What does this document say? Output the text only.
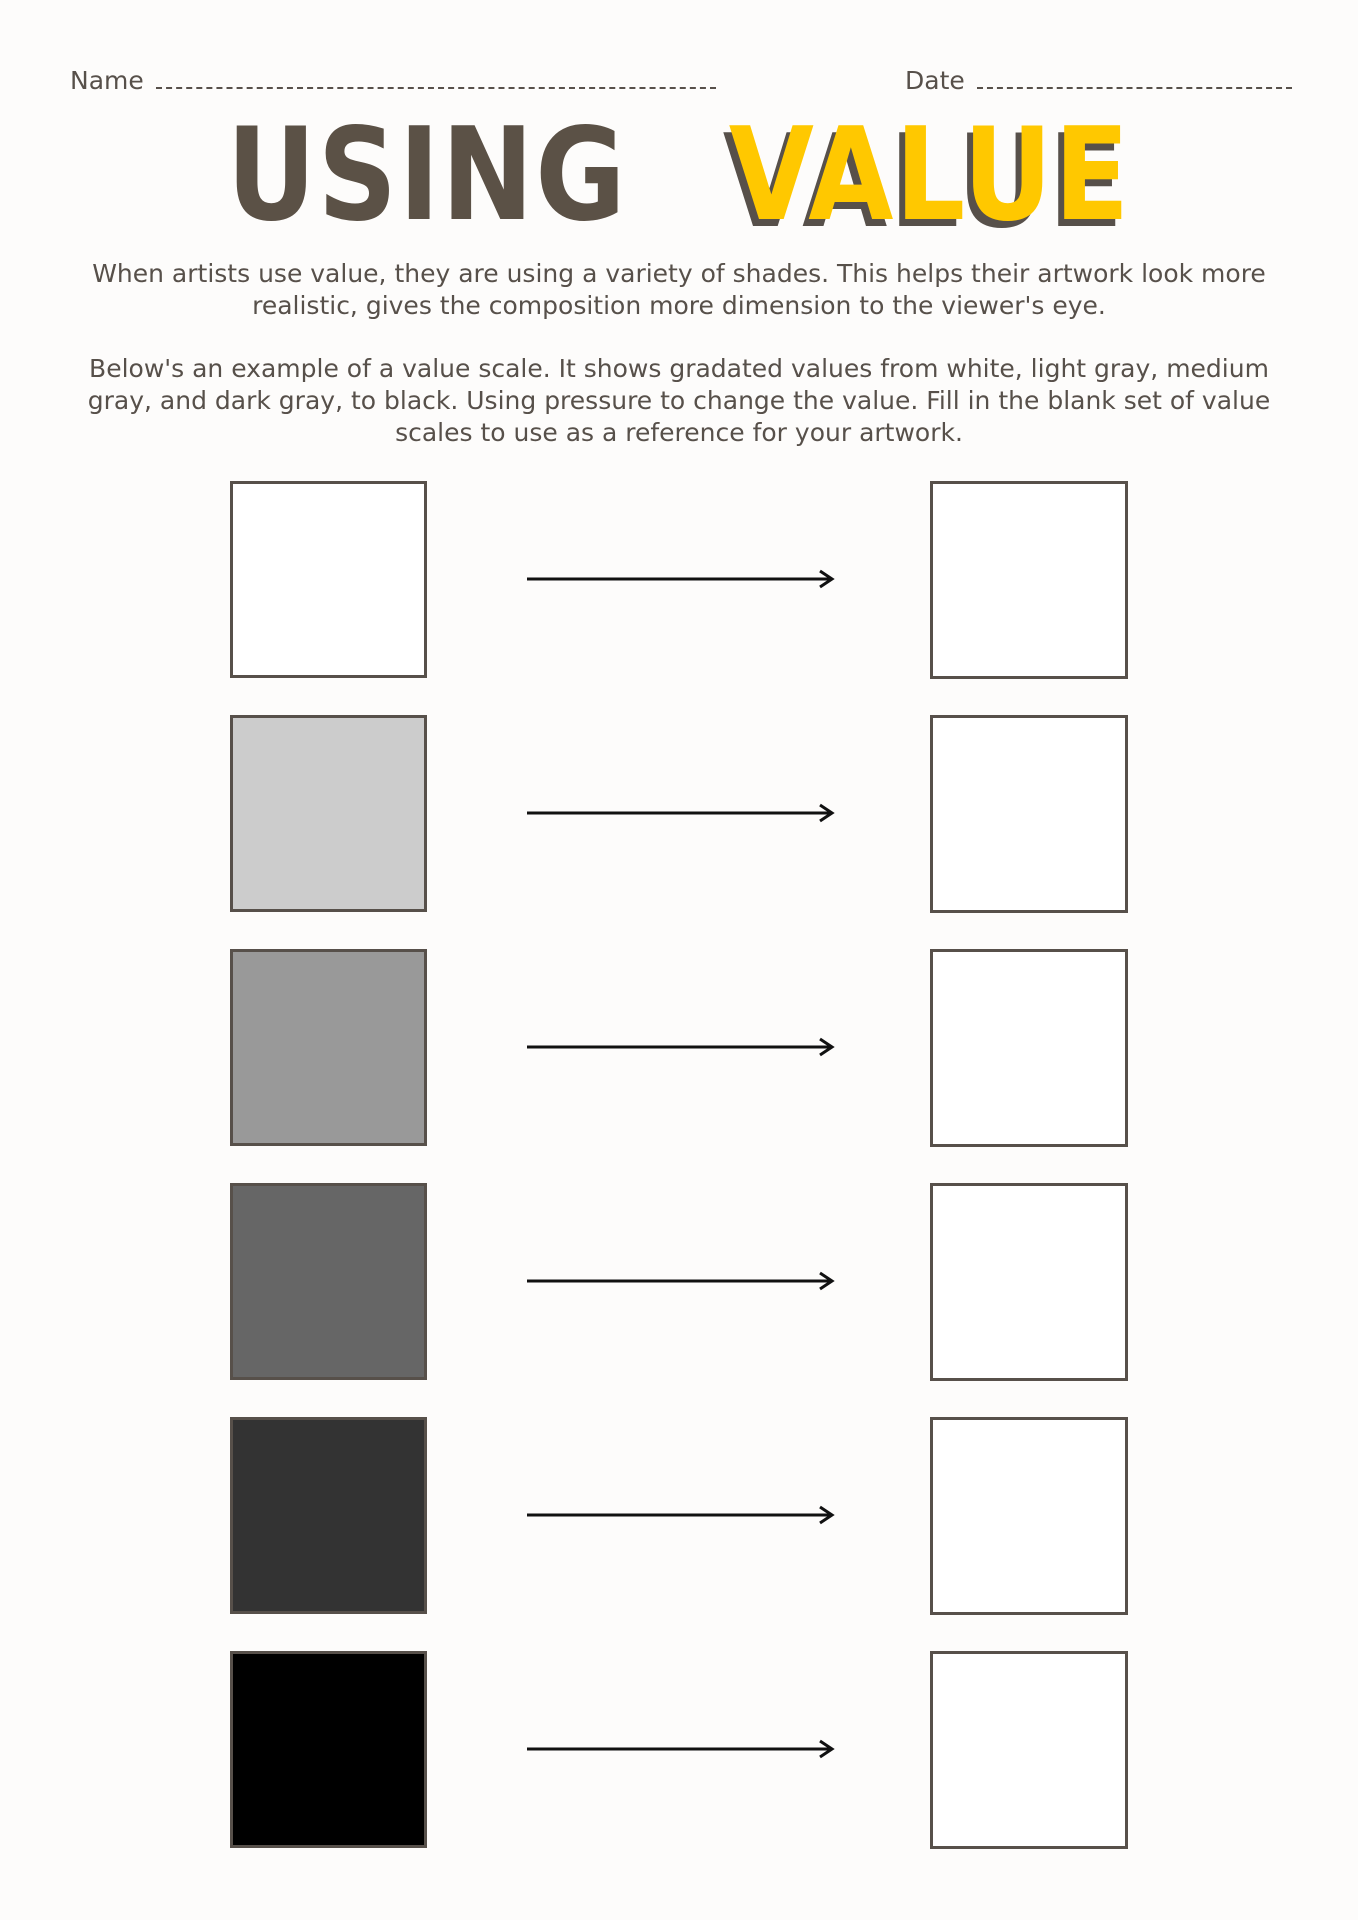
Name	Date
USING VALUE

When artists use value, they are using a variety of shades. This helps their artwork look more realistic, gives the composition more dimension to the viewer's eye.

Below's an example of a value scale. It shows gradated values from white, light gray, medium gray, and dark gray, to black. Using pressure to change the value. Fill in the blank set of value scales to use as a reference for your artwork.
